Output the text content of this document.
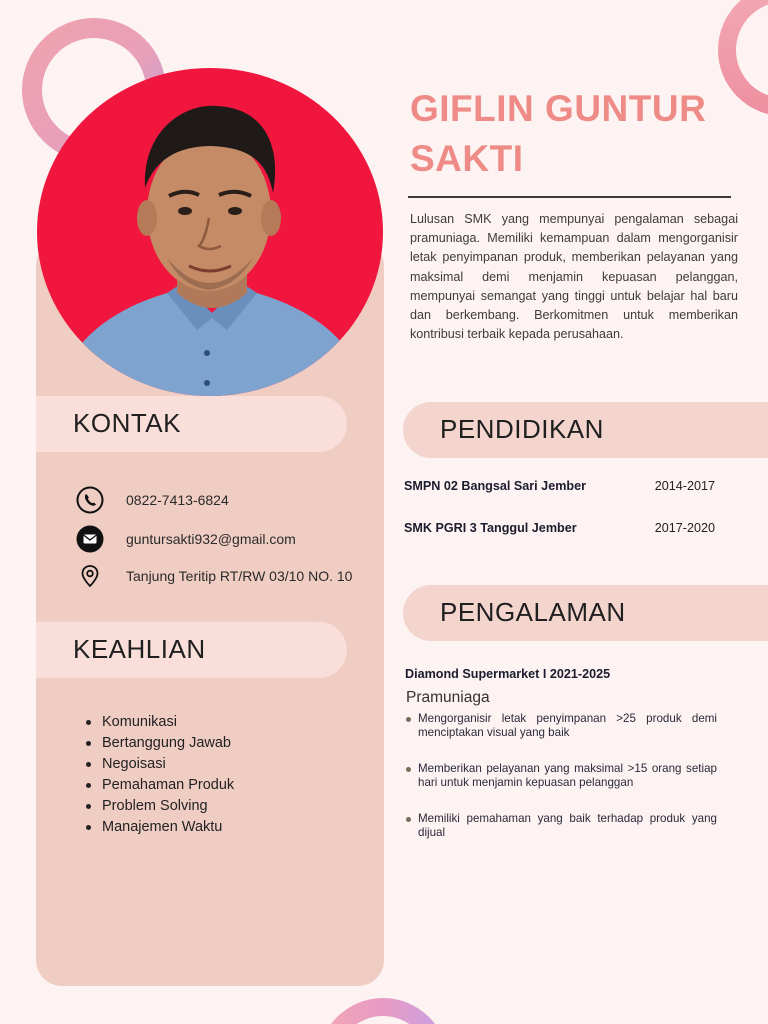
GIFLIN GUNTUR SAKTI

Lulusan SMK yang mempunyai pengalaman sebagai pramuniaga. Memiliki kemampuan dalam mengorganisir letak penyimpanan produk, memberikan pelayanan yang maksimal demi menjamin kepuasan pelanggan, mempunyai semangat yang tinggi untuk belajar hal baru dan berkembang. Berkomitmen untuk memberikan kontribusi terbaik kepada perusahaan.

KONTAK
0822-7413-6824
guntursakti932@gmail.com
Tanjung Teritip RT/RW 03/10 NO. 10
KEAHLIAN
Komunikasi
Bertanggung Jawab
Negoisasi
Pemahaman Produk
Problem Solving
Manajemen Waktu
PENDIDIKAN
SMPN 02 Bangsal Sari Jember	2014-2017
SMK PGRI 3 Tanggul Jember	2017-2020
PENGALAMAN
Diamond Supermarket I 2021-2025
Pramuniaga
Mengorganisir letak penyimpanan >25 produk demi menciptakan visual yang baik
Memberikan pelayanan yang maksimal >15 orang setiap hari untuk menjamin kepuasan pelanggan
Memiliki pemahaman yang baik terhadap produk yang dijual
